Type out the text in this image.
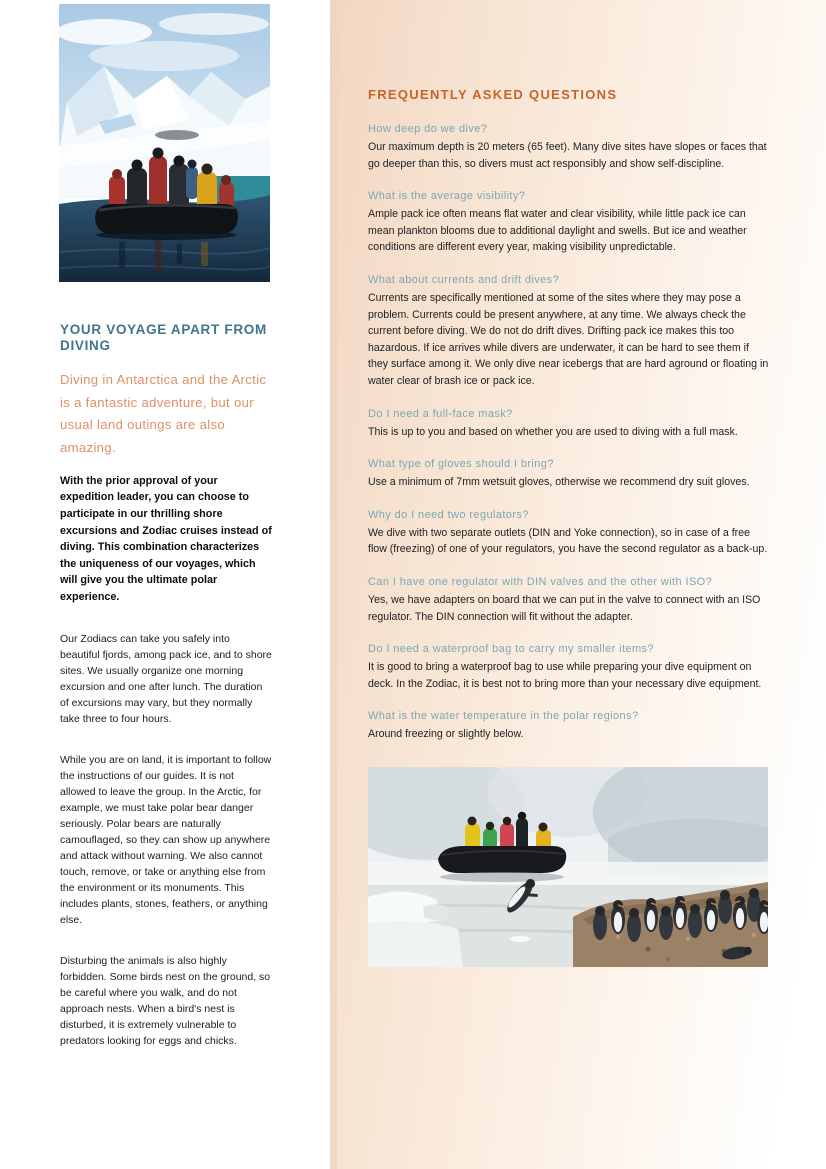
YOUR VOYAGE APART FROM DIVING

Diving in Antarctica and the Arctic is a fantastic adventure, but our usual land outings are also amazing.

With the prior approval of your expedition leader, you can choose to participate in our thrilling shore excursions and Zodiac cruises instead of diving. This combination characterizes the uniqueness of our voyages, which will give you the ultimate polar experience.

Our Zodiacs can take you safely into beautiful fjords, among pack ice, and to shore sites. We usually organize one morning excursion and one after lunch. The duration of excursions may vary, but they normally take three to four hours.

While you are on land, it is important to follow the instructions of our guides. It is not allowed to leave the group. In the Arctic, for example, we must take polar bear danger seriously. Polar bears are naturally camouflaged, so they can show up anywhere and attack without warning. We also cannot touch, remove, or take or anything else from the environment or its monuments. This includes plants, stones, feathers, or anything else.

Disturbing the animals is also highly forbidden. Some birds nest on the ground, so be careful where you walk, and do not approach nests. When a bird's nest is disturbed, it is extremely vulnerable to predators looking for eggs and chicks.

FREQUENTLY ASKED QUESTIONS
How deep do we dive?
Our maximum depth is 20 meters (65 feet). Many dive sites have slopes or faces that go deeper than this, so divers must act responsibly and show self-discipline.
What is the average visibility?
Ample pack ice often means flat water and clear visibility, while little pack ice can mean plankton blooms due to additional daylight and swells. But ice and weather conditions are different every year, making visibility unpredictable.
What about currents and drift dives?
Currents are specifically mentioned at some of the sites where they may pose a problem. Currents could be present anywhere, at any time. We always check the current before diving. We do not do drift dives. Drifting pack ice makes this too hazardous. If ice arrives while divers are underwater, it can be hard to see them if they surface among it. We only dive near icebergs that are hard aground or floating in water clear of brash ice or pack ice.
Do I need a full-face mask?
This is up to you and based on whether you are used to diving with a full mask.
What type of gloves should I bring?
Use a minimum of 7mm wetsuit gloves, otherwise we recommend dry suit gloves.
Why do I need two regulators?
We dive with two separate outlets (DIN and Yoke connection), so in case of a free flow (freezing) of one of your regulators, you have the second regulator as a back-up.
Can I have one regulator with DIN valves and the other with ISO?
Yes, we have adapters on board that we can put in the valve to connect with an ISO regulator. The DIN connection will fit without the adapter.
Do I need a waterproof bag to carry my smaller items?
It is good to bring a waterproof bag to use while preparing your dive equipment on deck. In the Zodiac, it is best not to bring more than your necessary dive equipment.
What is the water temperature in the polar regions?
Around freezing or slightly below.
